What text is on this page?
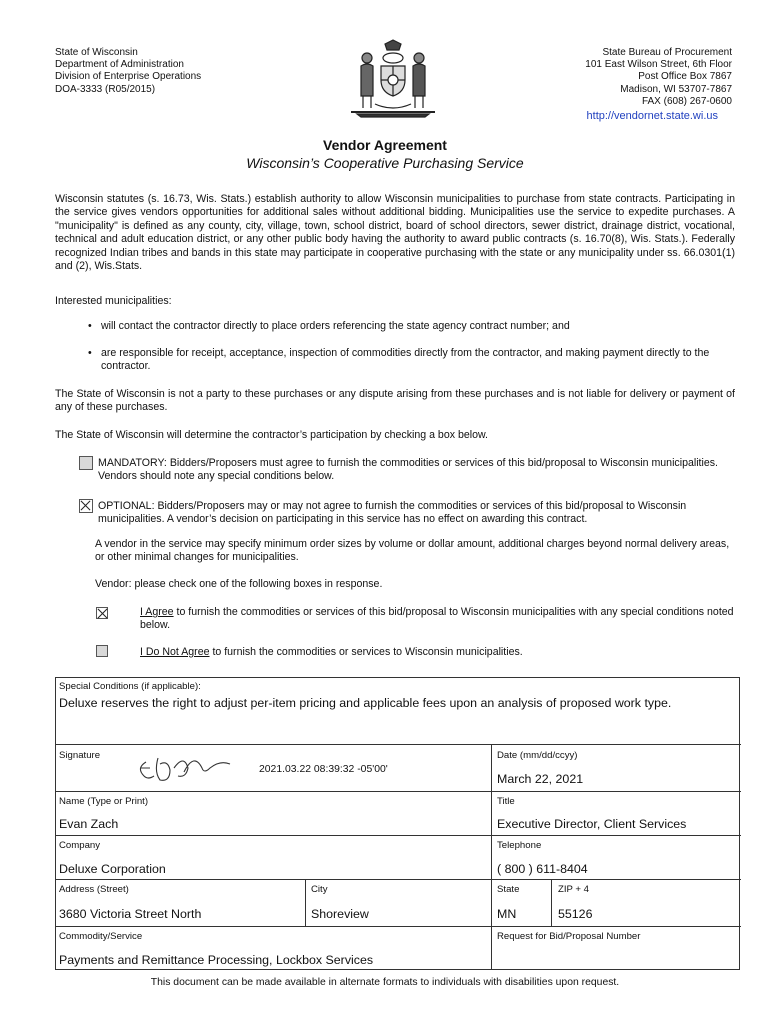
State of Wisconsin
Department of Administration
Division of Enterprise Operations
DOA-3333 (R05/2015)
State Bureau of Procurement
101 East Wilson Street, 6th Floor
Post Office Box 7867
Madison, WI 53707-7867
FAX (608) 267-0600
http://vendornet.state.wi.us
Vendor Agreement
Wisconsin’s Cooperative Purchasing Service
Wisconsin statutes (s. 16.73, Wis. Stats.) establish authority to allow Wisconsin municipalities to purchase from state contracts. Participating in the service gives vendors opportunities for additional sales without additional bidding. Municipalities use the service to expedite purchases. A "municipality" is defined as any county, city, village, town, school district, board of school directors, sewer district, drainage district, vocational, technical and adult education district, or any other public body having the authority to award public contracts (s. 16.70(8), Wis. Stats.). Federally recognized Indian tribes and bands in this state may participate in cooperative purchasing with the state or any municipality under ss. 66.0301(1) and (2), Wis.Stats.
Interested municipalities:
• will contact the contractor directly to place orders referencing the state agency contract number; and
• are responsible for receipt, acceptance, inspection of commodities directly from the contractor, and making payment directly to the contractor.
The State of Wisconsin is not a party to these purchases or any dispute arising from these purchases and is not liable for delivery or payment of any of these purchases.
The State of Wisconsin will determine the contractor’s participation by checking a box below.
MANDATORY: Bidders/Proposers must agree to furnish the commodities or services of this bid/proposal to Wisconsin municipalities. Vendors should note any special conditions below.
OPTIONAL: Bidders/Proposers may or may not agree to furnish the commodities or services of this bid/proposal to Wisconsin municipalities. A vendor’s decision on participating in this service has no effect on awarding this contract.
A vendor in the service may specify minimum order sizes by volume or dollar amount, additional charges beyond normal delivery areas, or other minimal changes for municipalities.
Vendor: please check one of the following boxes in response.
I Agree to furnish the commodities or services of this bid/proposal to Wisconsin municipalities with any special conditions noted below.
I Do Not Agree to furnish the commodities or services to Wisconsin municipalities.
Special Conditions (if applicable):
Deluxe reserves the right to adjust per-item pricing and applicable fees upon an analysis of proposed work type.
Signature
2021.03.22 08:39:32 -05'00'
Date (mm/dd/ccyy)
March 22, 2021
Name (Type or Print)
Evan Zach
Title
Executive Director, Client Services
Company
Deluxe Corporation
Telephone
( 800 ) 611-8404
Address (Street)
3680 Victoria Street North
City
Shoreview
State
MN
ZIP + 4
55126
Commodity/Service
Payments and Remittance Processing, Lockbox Services
Request for Bid/Proposal Number
This document can be made available in alternate formats to individuals with disabilities upon request.
